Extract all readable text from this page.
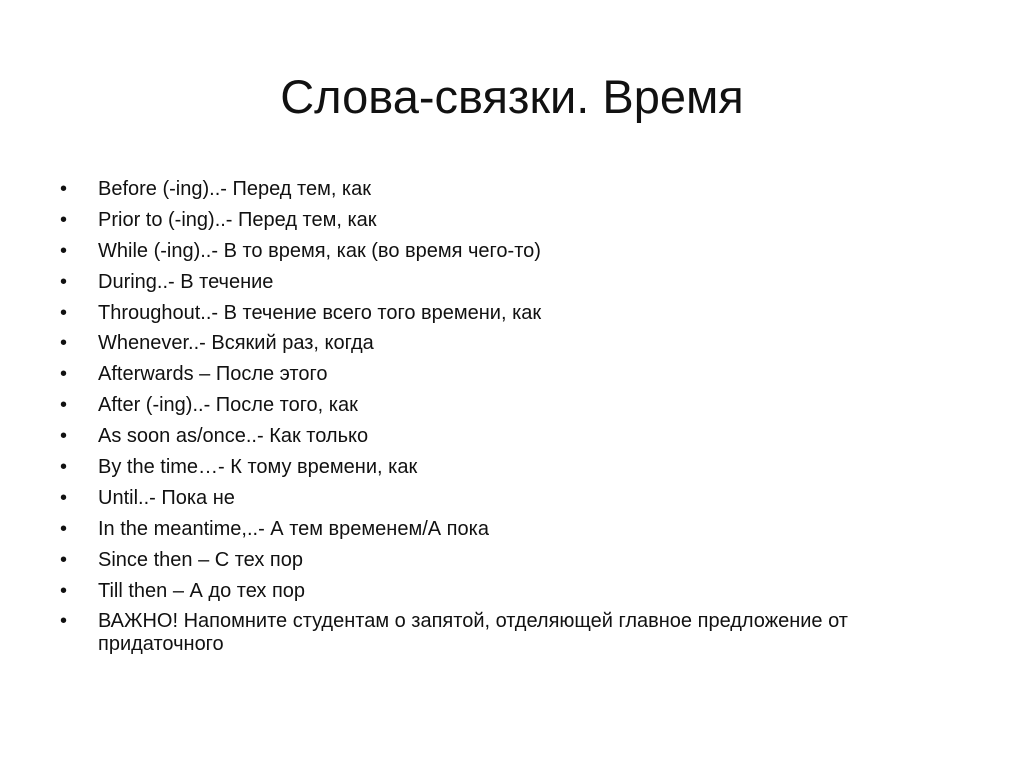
Слова-связки. Время
•	Before (-ing)..- Перед тем, как
•	Prior to (-ing)..- Перед тем, как
•	While (-ing)..- В то время, как (во время чего-то)
•	During..- В течение
•	Throughout..- В течение всего того времени, как
•	Whenever..- Всякий раз, когда
•	Afterwards – После этого
•	After (-ing)..- После того, как
•	As soon as/once..- Как только
•	By the time…- К тому времени, как
•	Until..- Пока не
•	In the meantime,..- А тем временем/А пока
•	Since then – С тех пор
•	Till then – А до тех пор
•	ВАЖНО! Напомните студентам о запятой, отделяющей главное предложение от придаточного
